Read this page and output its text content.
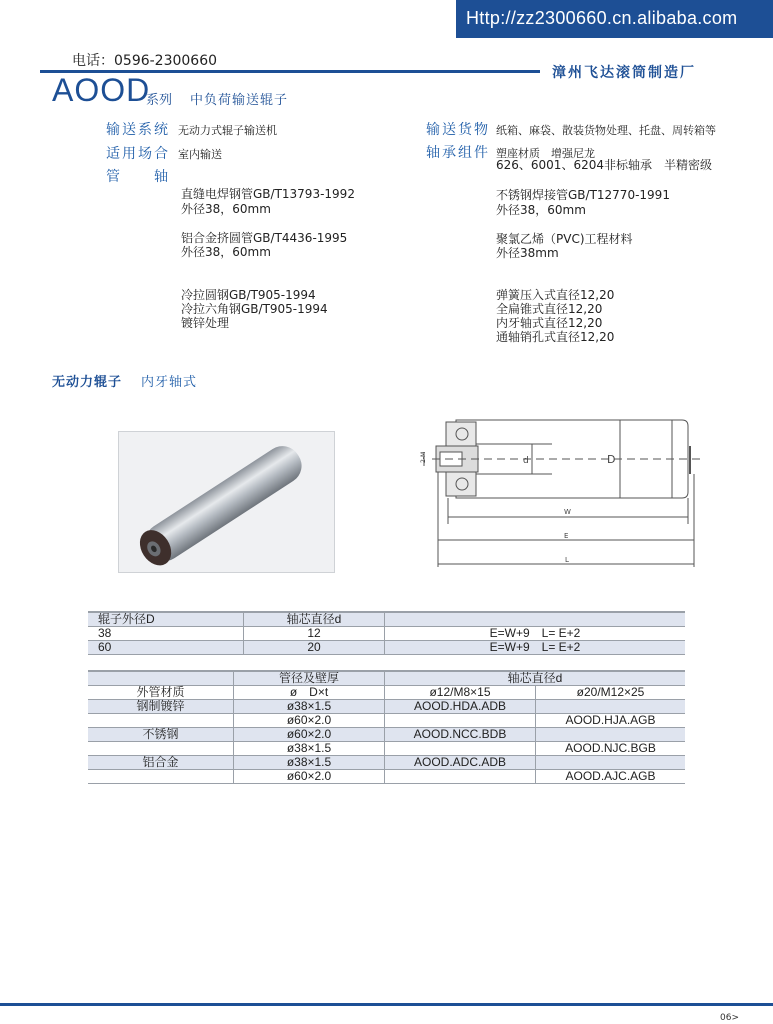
Http://zz2300660.cn.alibaba.com
电话：0596-2300660
漳州飞达滚筒制造厂
AOOD
系列 中负荷输送辊子
输送系统 无动力式辊子输送机
适用场合 室内输送
管　　轴
输送货物 纸箱、麻袋、散装货物处理、托盘、周转箱等
轴承组件 塑座材质　增强尼龙
626、6001、6204非标轴承　半精密级
直缝电焊钢管GB/T13793-1992
外径38，60mm
铝合金挤圆管GB/T4436-1995
外径38，60mm
冷拉圆钢GB/T905-1994
冷拉六角钢GB/T905-1994
镀锌处理
不锈钢焊接管GB/T12770-1991
外径38，60mm
聚氯乙烯（PVC)工程材料
外径38mm
弹簧压入式直径12,20
全扁锥式直径12,20
内牙轴式直径12,20
通轴销孔式直径12,20
无动力辊子 内牙轴式
2-M	d	D
W
E
L
辊子外径D	轴芯直径d	
38	12	E=W+9　L= E+2
60	20	E=W+9　L= E+2
	管径及壁厚	轴芯直径d	
外管材质	ø　D×t	ø12/M8×15	ø20/M12×25
钢制镀锌	ø38×1.5	AOOD.HDA.ADB	
	ø60×2.0		AOOD.HJA.AGB
不锈钢	ø60×2.0	AOOD.NCC.BDB	
	ø38×1.5		AOOD.NJC.BGB
铝合金	ø38×1.5	AOOD.ADC.ADB	
	ø60×2.0		AOOD.AJC.AGB
06>
